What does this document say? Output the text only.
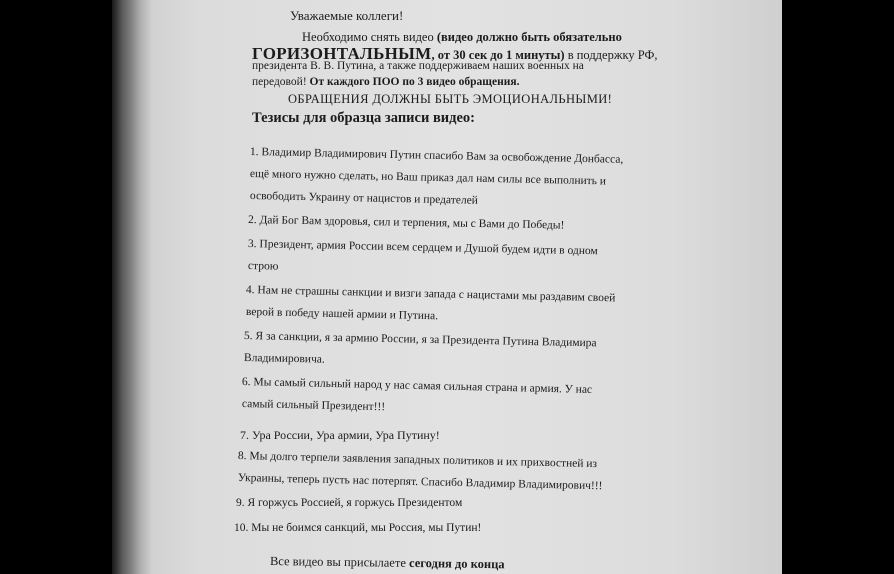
Уважаемые коллеги!
Необходимо снять видео (видео должно быть обязательно
ГОРИЗОНТАЛЬНЫМ, от 30 сек до 1 минуты) в поддержку РФ,
президента В. В. Путина, а также поддерживаем наших военных на
передовой! От каждого ПОО по 3 видео обращения.
ОБРАЩЕНИЯ ДОЛЖНЫ БЫТЬ ЭМОЦИОНАЛЬНЫМИ!
Тезисы для образца записи видео:
1. Владимир Владимирович Путин спасибо Вам за освобождение Донбасса,
ещё много нужно сделать, но Ваш приказ дал нам силы все выполнить и
освободить Украину от нацистов и предателей
2. Дай Бог Вам здоровья, сил и терпения, мы с Вами до Победы!
3. Президент, армия России всем сердцем и Душой будем идти в одном
строю
4. Нам не страшны санкции и визги запада с нацистами мы раздавим своей
верой в победу нашей армии и Путина.
5. Я за санкции, я за армию России, я за Президента Путина Владимира
Владимировича.
6. Мы самый сильный народ у нас самая сильная страна и армия. У нас
самый сильный Президент!!!
7. Ура России, Ура армии, Ура Путину!
8. Мы долго терпели заявления западных политиков и их прихвостней из
Украины, теперь пусть нас потерпят. Спасибо Владимир Владимирович!!!
9. Я горжусь Россией, я горжусь Президентом
10. Мы не боимся санкций, мы Россия, мы Путин!
Все видео вы присылаете сегодня до конца
